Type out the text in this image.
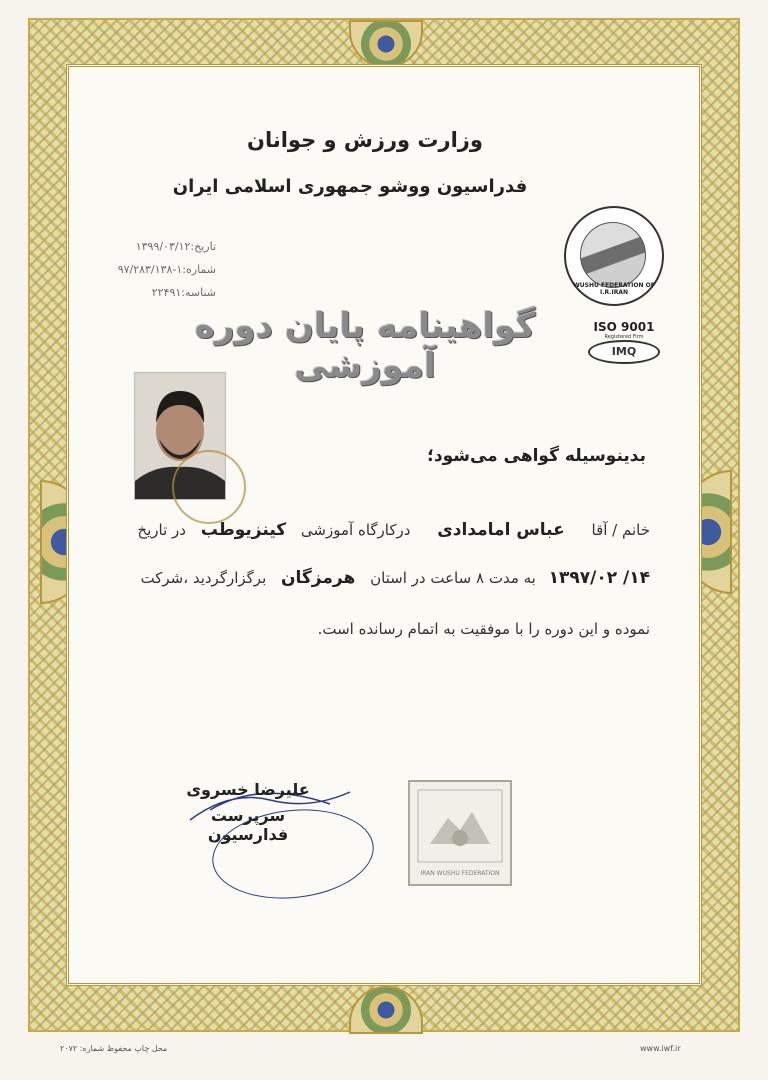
وزارت ورزش و جوانان
فدراسیون ووشو جمهوری اسلامی ایران
تاریخ:۱۳۹۹/۰۳/۱۲
شماره:۱-۹۷/۲۸۳/۱۳۸
شناسه:۲۲۴۹۱
WUSHU FEDERATION OF I.R.IRAN
ISO 9001
Registered Firm
IMQ
گواهینامه پایان دوره آموزشی
بدینوسیله گواهی می‌شود؛
خانم / آقا عباس امامدادی درکارگاه آموزشی کینزیوطب در تاریخ
۱۴/ ۱۳۹۷/۰۲ به مدت ۸ ساعت در استان هرمزگان برگزارگردید ،شرکت
نموده و این دوره را با موفقیت به اتمام رسانده است.
علیرضا خسروی
سرپرست فدارسیون
IRAN WUSHU FEDERATION
محل چاپ محفوظ شماره: ۲۰۷۲	www.iwf.ir
